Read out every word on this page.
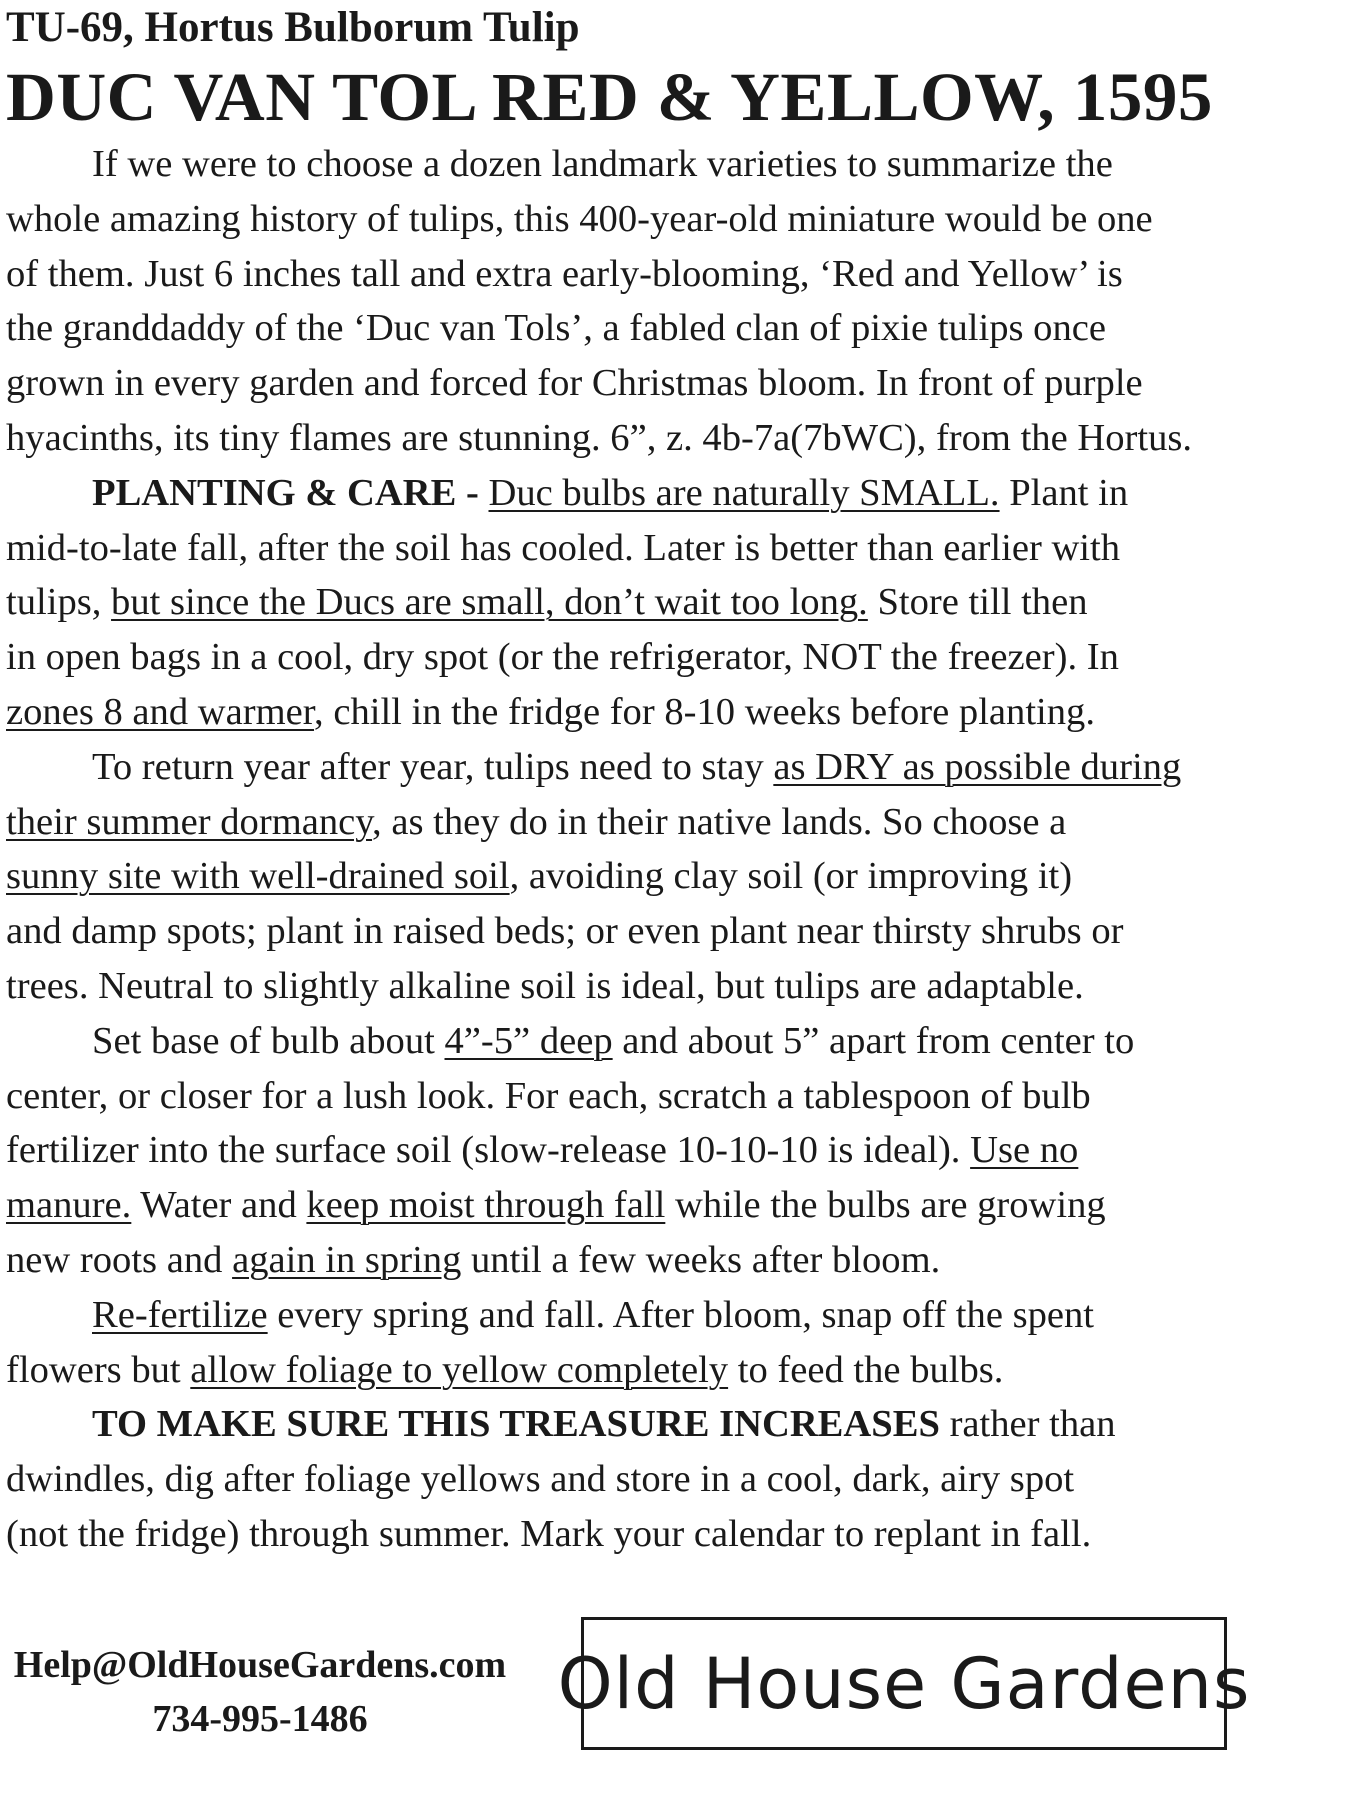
TU-69, Hortus Bulborum Tulip
DUC VAN TOL RED & YELLOW, 1595

If we were to choose a dozen landmark varieties to summarize the
whole amazing history of tulips, this 400-year-old miniature would be one
of them. Just 6 inches tall and extra early-blooming, ‘Red and Yellow’ is
the granddaddy of the ‘Duc van Tols’, a fabled clan of pixie tulips once
grown in every garden and forced for Christmas bloom. In front of purple
hyacinths, its tiny flames are stunning. 6”, z. 4b-7a(7bWC), from the Hortus.

PLANTING & CARE - Duc bulbs are naturally SMALL. Plant in
mid-to-late fall, after the soil has cooled. Later is better than earlier with
tulips, but since the Ducs are small, don’t wait too long. Store till then
in open bags in a cool, dry spot (or the refrigerator, NOT the freezer). In
zones 8 and warmer, chill in the fridge for 8-10 weeks before planting.

To return year after year, tulips need to stay as DRY as possible during
their summer dormancy, as they do in their native lands. So choose a
sunny site with well-drained soil, avoiding clay soil (or improving it)
and damp spots; plant in raised beds; or even plant near thirsty shrubs or
trees. Neutral to slightly alkaline soil is ideal, but tulips are adaptable.

Set base of bulb about 4”-5” deep and about 5” apart from center to
center, or closer for a lush look. For each, scratch a tablespoon of bulb
fertilizer into the surface soil (slow-release 10-10-10 is ideal). Use no
manure. Water and keep moist through fall while the bulbs are growing
new roots and again in spring until a few weeks after bloom.

Re-fertilize every spring and fall. After bloom, snap off the spent
flowers but allow foliage to yellow completely to feed the bulbs.

TO MAKE SURE THIS TREASURE INCREASES rather than
dwindles, dig after foliage yellows and store in a cool, dark, airy spot
(not the fridge) through summer. Mark your calendar to replant in fall.

Help@OldHouseGardens.com
734-995-1486	Old House Gardens
